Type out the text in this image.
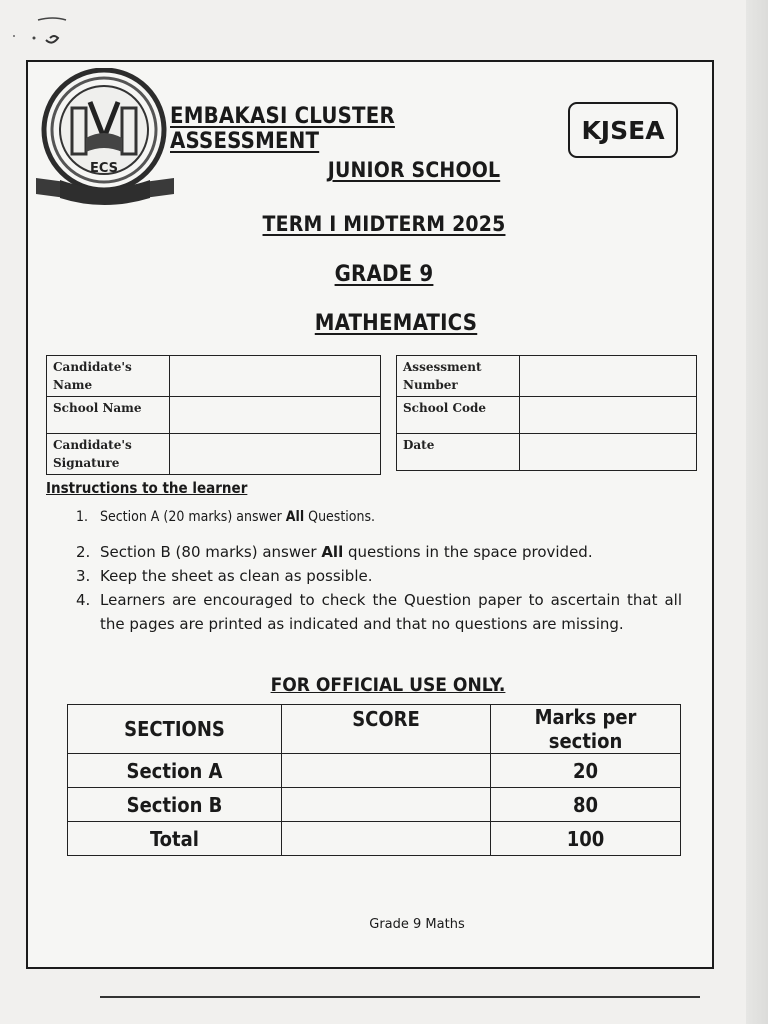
ECS
EMBAKASI CLUSTER ASSESSMENT	KJSEA
JUNIOR SCHOOL
TERM I MIDTERM 2025
GRADE 9
MATHEMATICS
Candidate's Name	
School Name	
Candidate's Signature	
Assessment Number	
School Code	
Date	
Instructions to the learner
1. Section A (20 marks) answer All Questions.
2. Section B (80 marks) answer All questions in the space provided.
3. Keep the sheet as clean as possible.
4. Learners are encouraged to check the Question paper to ascertain that all the pages are printed as indicated and that no questions are missing.
FOR OFFICIAL USE ONLY.
SECTIONS	SCORE	Marks per section
Section A		20
Section B		80
Total		100
Grade 9 Maths
